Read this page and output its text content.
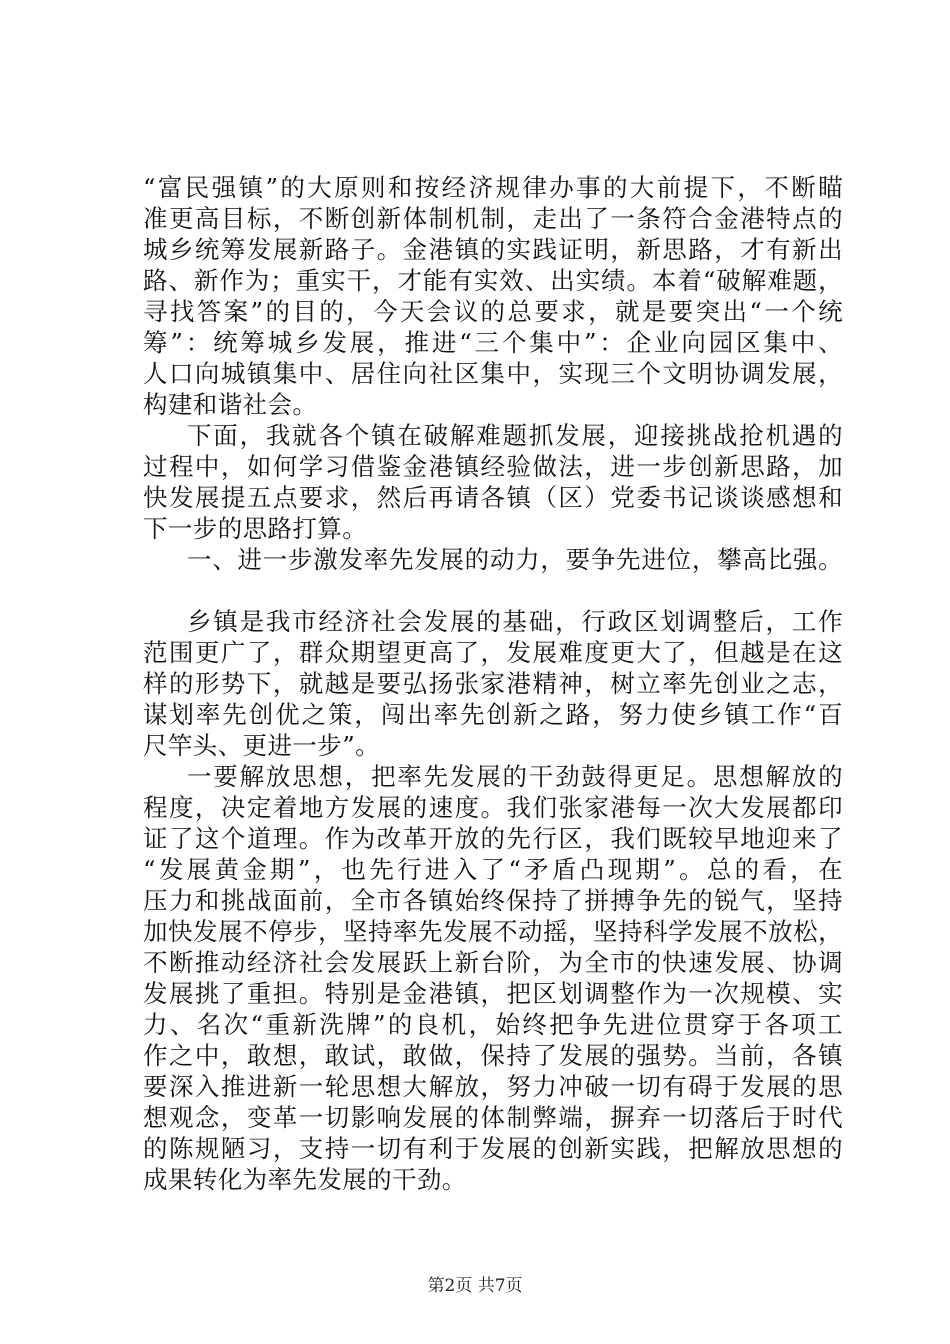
“富民强镇”的大原则和按经济规律办事的大前提下，不断瞄
准更高目标，不断创新体制机制，走出了一条符合金港特点的
城乡统筹发展新路子。金港镇的实践证明，新思路，才有新出
路、新作为；重实干，才能有实效、出实绩。本着“破解难题，
寻找答案”的目的，今天会议的总要求，就是要突出“一个统
筹”：统筹城乡发展，推进“三个集中”：企业向园区集中、
人口向城镇集中、居住向社区集中，实现三个文明协调发展，
构建和谐社会。
下面，我就各个镇在破解难题抓发展，迎接挑战抢机遇的
过程中，如何学习借鉴金港镇经验做法，进一步创新思路，加
快发展提五点要求，然后再请各镇（区）党委书记谈谈感想和
下一步的思路打算。
一、进一步激发率先发展的动力，要争先进位，攀高比强。
乡镇是我市经济社会发展的基础，行政区划调整后，工作
范围更广了，群众期望更高了，发展难度更大了，但越是在这
样的形势下，就越是要弘扬张家港精神，树立率先创业之志，
谋划率先创优之策，闯出率先创新之路，努力使乡镇工作“百
尺竿头、更进一步”。
一要解放思想，把率先发展的干劲鼓得更足。思想解放的
程度，决定着地方发展的速度。我们张家港每一次大发展都印
证了这个道理。作为改革开放的先行区，我们既较早地迎来了
“发展黄金期”，也先行进入了“矛盾凸现期”。总的看，在
压力和挑战面前，全市各镇始终保持了拼搏争先的锐气，坚持
加快发展不停步，坚持率先发展不动摇，坚持科学发展不放松，
不断推动经济社会发展跃上新台阶，为全市的快速发展、协调
发展挑了重担。特别是金港镇，把区划调整作为一次规模、实
力、名次“重新洗牌”的良机，始终把争先进位贯穿于各项工
作之中，敢想，敢试，敢做，保持了发展的强势。当前，各镇
要深入推进新一轮思想大解放，努力冲破一切有碍于发展的思
想观念，变革一切影响发展的体制弊端，摒弃一切落后于时代
的陈规陋习，支持一切有利于发展的创新实践，把解放思想的
成果转化为率先发展的干劲。
第2页 共7页
